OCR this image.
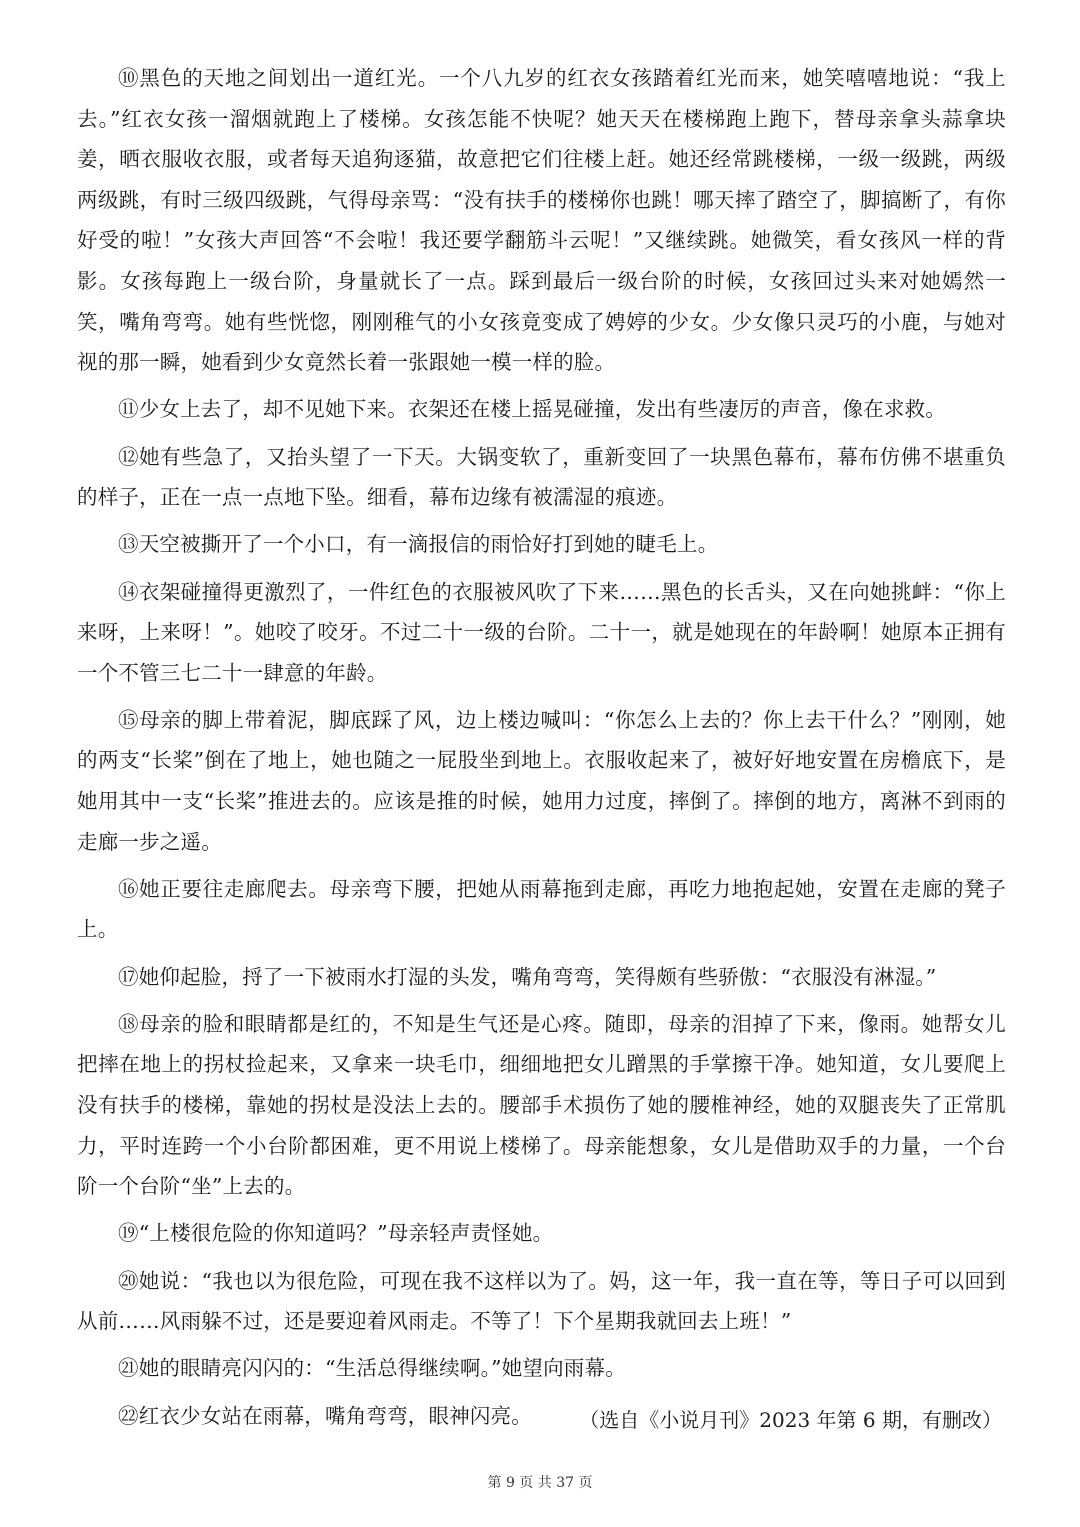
⑩黑色的天地之间划出一道红光。一个八九岁的红衣女孩踏着红光而来，她笑嘻嘻地说：“我上去。”红衣女孩一溜烟就跑上了楼梯。女孩怎能不快呢？她天天在楼梯跑上跑下，替母亲拿头蒜拿块姜，晒衣服收衣服，或者每天追狗逐猫，故意把它们往楼上赶。她还经常跳楼梯，一级一级跳，两级两级跳，有时三级四级跳，气得母亲骂：“没有扶手的楼梯你也跳！哪天摔了踏空了，脚搞断了，有你好受的啦！”女孩大声回答“不会啦！我还要学翻筋斗云呢！”又继续跳。她微笑，看女孩风一样的背影。女孩每跑上一级台阶，身量就长了一点。踩到最后一级台阶的时候，女孩回过头来对她嫣然一笑，嘴角弯弯。她有些恍惚，刚刚稚气的小女孩竟变成了娉婷的少女。少女像只灵巧的小鹿，与她对视的那一瞬，她看到少女竟然长着一张跟她一模一样的脸。

⑪少女上去了，却不见她下来。衣架还在楼上摇晃碰撞，发出有些凄厉的声音，像在求救。

⑫她有些急了，又抬头望了一下天。大锅变软了，重新变回了一块黑色幕布，幕布仿佛不堪重负的样子，正在一点一点地下坠。细看，幕布边缘有被濡湿的痕迹。

⑬天空被撕开了一个小口，有一滴报信的雨恰好打到她的睫毛上。

⑭衣架碰撞得更激烈了，一件红色的衣服被风吹了下来……黑色的长舌头，又在向她挑衅：“你上来呀，上来呀！”。她咬了咬牙。不过二十一级的台阶。二十一，就是她现在的年龄啊！她原本正拥有一个不管三七二十一肆意的年龄。

⑮母亲的脚上带着泥，脚底踩了风，边上楼边喊叫：“你怎么上去的？你上去干什么？”刚刚，她的两支“长桨”倒在了地上，她也随之一屁股坐到地上。衣服收起来了，被好好地安置在房檐底下，是她用其中一支“长桨”推进去的。应该是推的时候，她用力过度，摔倒了。摔倒的地方，离淋不到雨的走廊一步之遥。

⑯她正要往走廊爬去。母亲弯下腰，把她从雨幕拖到走廊，再吃力地抱起她，安置在走廊的凳子上。

⑰她仰起脸，捋了一下被雨水打湿的头发，嘴角弯弯，笑得颇有些骄傲：“衣服没有淋湿。”

⑱母亲的脸和眼睛都是红的，不知是生气还是心疼。随即，母亲的泪掉了下来，像雨。她帮女儿把摔在地上的拐杖捡起来，又拿来一块毛巾，细细地把女儿蹭黑的手掌擦干净。她知道，女儿要爬上没有扶手的楼梯，靠她的拐杖是没法上去的。腰部手术损伤了她的腰椎神经，她的双腿丧失了正常肌力，平时连跨一个小台阶都困难，更不用说上楼梯了。母亲能想象，女儿是借助双手的力量，一个台阶一个台阶“坐”上去的。

⑲“上楼很危险的你知道吗？”母亲轻声责怪她。

⑳她说：“我也以为很危险，可现在我不这样以为了。妈，这一年，我一直在等，等日子可以回到从前……风雨躲不过，还是要迎着风雨走。不等了！下个星期我就回去上班！”

㉑她的眼睛亮闪闪的：“生活总得继续啊。”她望向雨幕。

㉒红衣少女站在雨幕，嘴角弯弯，眼神闪亮。	（选自《小说月刊》2023 年第 6 期，有删改）
第 9 页 共 37 页
